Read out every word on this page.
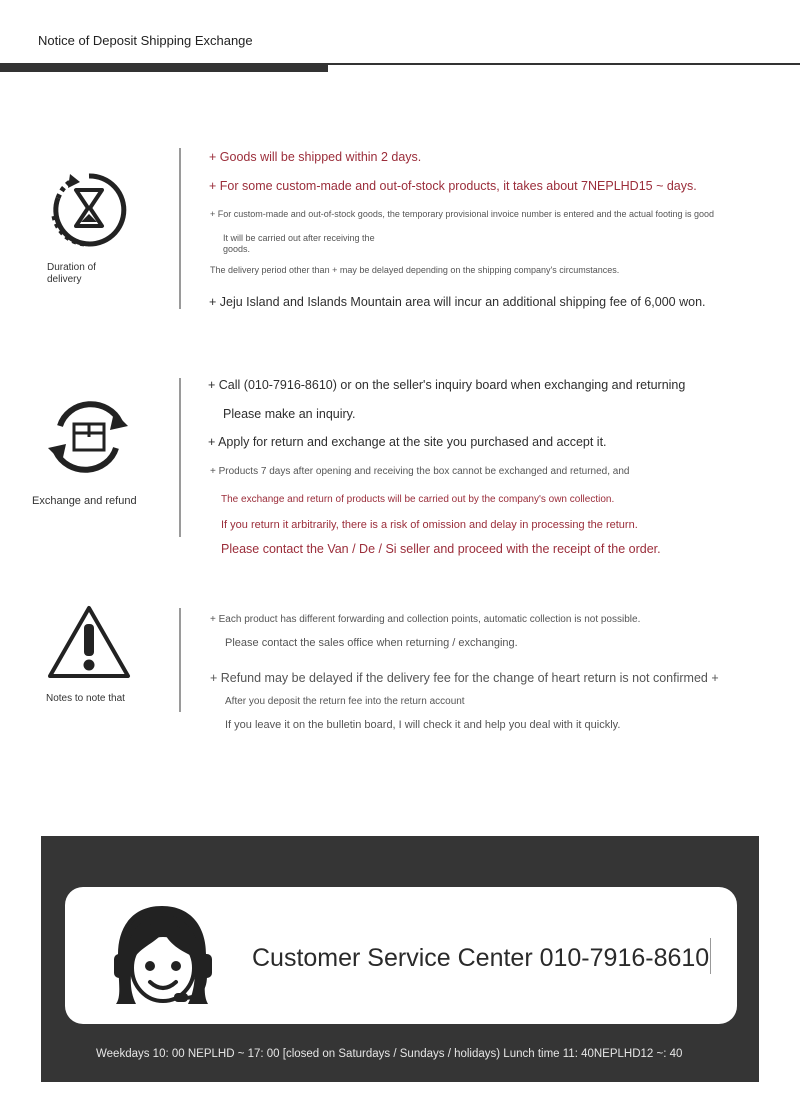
Notice of Deposit Shipping Exchange
Duration of delivery
+ Goods will be shipped within 2 days.
+ For some custom-made and out-of-stock products, it takes about 7NEPLHD15 ~ days.
+ For custom-made and out-of-stock goods, the temporary provisional invoice number is entered and the actual footing is good
It will be carried out after receiving the
goods.
The delivery period other than + may be delayed depending on the shipping company's circumstances.
+ Jeju Island and Islands Mountain area will incur an additional shipping fee of 6,000 won.
Exchange and refund
+ Call (010-7916-8610) or on the seller's inquiry board when exchanging and returning
Please make an inquiry.
+ Apply for return and exchange at the site you purchased and accept it.
+ Products 7 days after opening and receiving the box cannot be exchanged and returned, and
The exchange and return of products will be carried out by the company's own collection.
If you return it arbitrarily, there is a risk of omission and delay in processing the return.
Please contact the Van / De / Si seller and proceed with the receipt of the order.
Notes to note that
+ Each product has different forwarding and collection points, automatic collection is not possible.
Please contact the sales office when returning / exchanging.
+ Refund may be delayed if the delivery fee for the change of heart return is not confirmed +
After you deposit the return fee into the return account
If you leave it on the bulletin board, I will check it and help you deal with it quickly.
Customer Service Center 010-7916-8610
Weekdays 10: 00 NEPLHD ~ 17: 00 [closed on Saturdays / Sundays / holidays) Lunch time 11: 40NEPLHD12 ~: 40
